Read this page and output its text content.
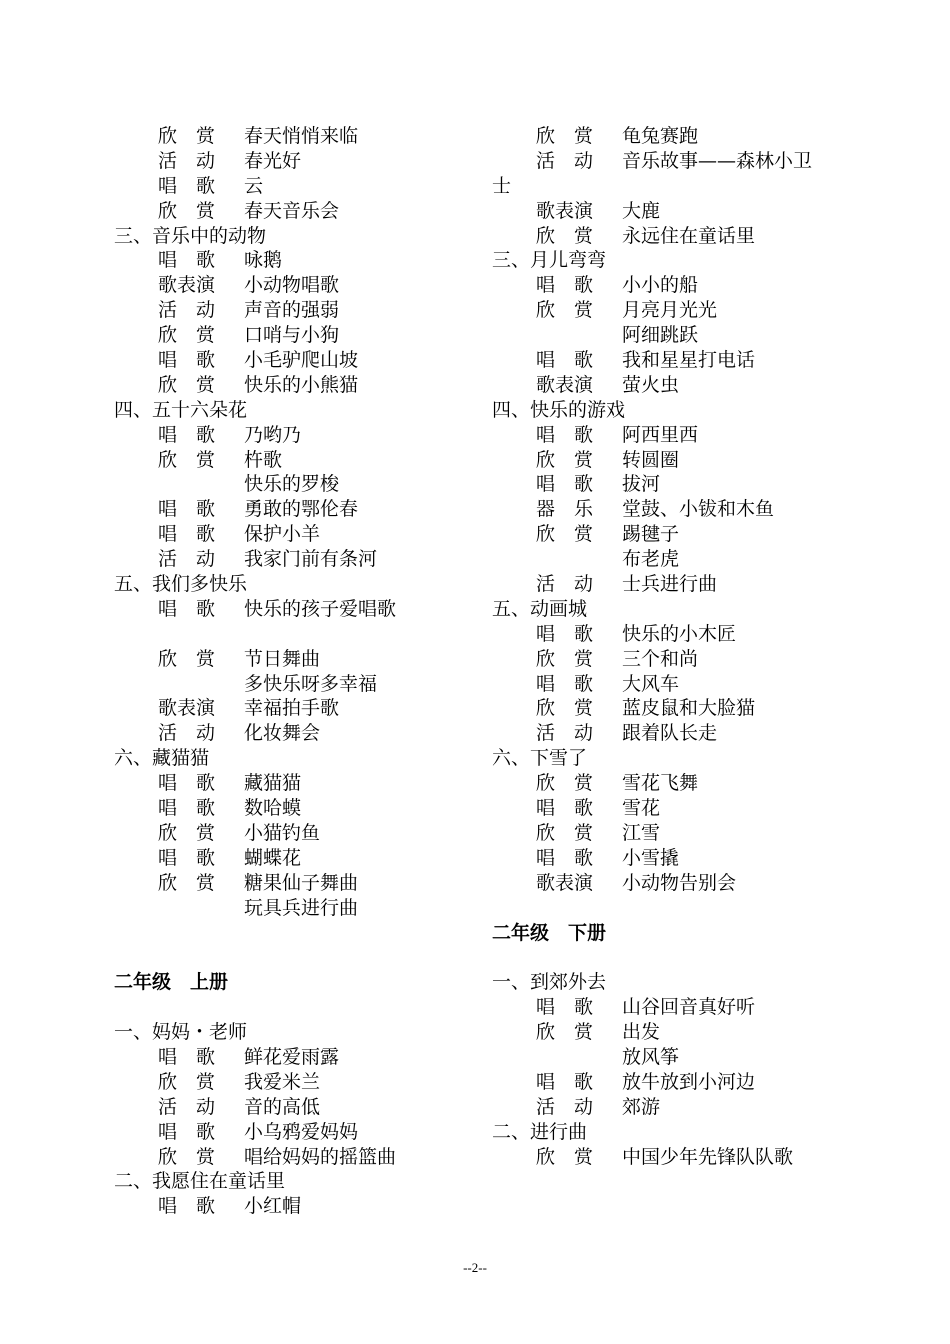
欣　赏 春天悄悄来临
活　动 春光好
唱　歌 云
欣　赏 春天音乐会
三、音乐中的动物
唱　歌 咏鹅
歌表演 小动物唱歌
活　动 声音的强弱
欣　赏 口哨与小狗
唱　歌 小毛驴爬山坡
欣　赏 快乐的小熊猫
四、五十六朵花
唱　歌 乃哟乃
欣　赏 杵歌
快乐的罗梭
唱　歌 勇敢的鄂伦春
唱　歌 保护小羊
活　动 我家门前有条河
五、我们多快乐
唱　歌 快乐的孩子爱唱歌
欣　赏 节日舞曲
多快乐呀多幸福
歌表演 幸福拍手歌
活　动 化妆舞会
六、藏猫猫
唱　歌 藏猫猫
唱　歌 数哈蟆
欣　赏 小猫钓鱼
唱　歌 蝴蝶花
欣　赏 糖果仙子舞曲
玩具兵进行曲
二年级　上册
一、妈妈・老师
唱　歌 鲜花爱雨露
欣　赏 我爱米兰
活　动 音的高低
唱　歌 小乌鸦爱妈妈
欣　赏 唱给妈妈的摇篮曲
二、我愿住在童话里
唱　歌 小红帽
欣　赏 龟兔赛跑
活　动 音乐故事——森林小卫
士
歌表演 大鹿
欣　赏 永远住在童话里
三、月儿弯弯
唱　歌 小小的船
欣　赏 月亮月光光
阿细跳跃
唱　歌 我和星星打电话
歌表演 萤火虫
四、快乐的游戏
唱　歌 阿西里西
欣　赏 转圆圈
唱　歌 拔河
器　乐 堂鼓、小钹和木鱼
欣　赏 踢毽子
布老虎
活　动 士兵进行曲
五、动画城
唱　歌 快乐的小木匠
欣　赏 三个和尚
唱　歌 大风车
欣　赏 蓝皮鼠和大脸猫
活　动 跟着队长走
六、下雪了
欣　赏 雪花飞舞
唱　歌 雪花
欣　赏 江雪
唱　歌 小雪撬
歌表演 小动物告别会
二年级　下册
一、到郊外去
唱　歌 山谷回音真好听
欣　赏 出发
放风筝
唱　歌 放牛放到小河边
活　动 郊游
二、进行曲
欣　赏 中国少年先锋队队歌
--2--
